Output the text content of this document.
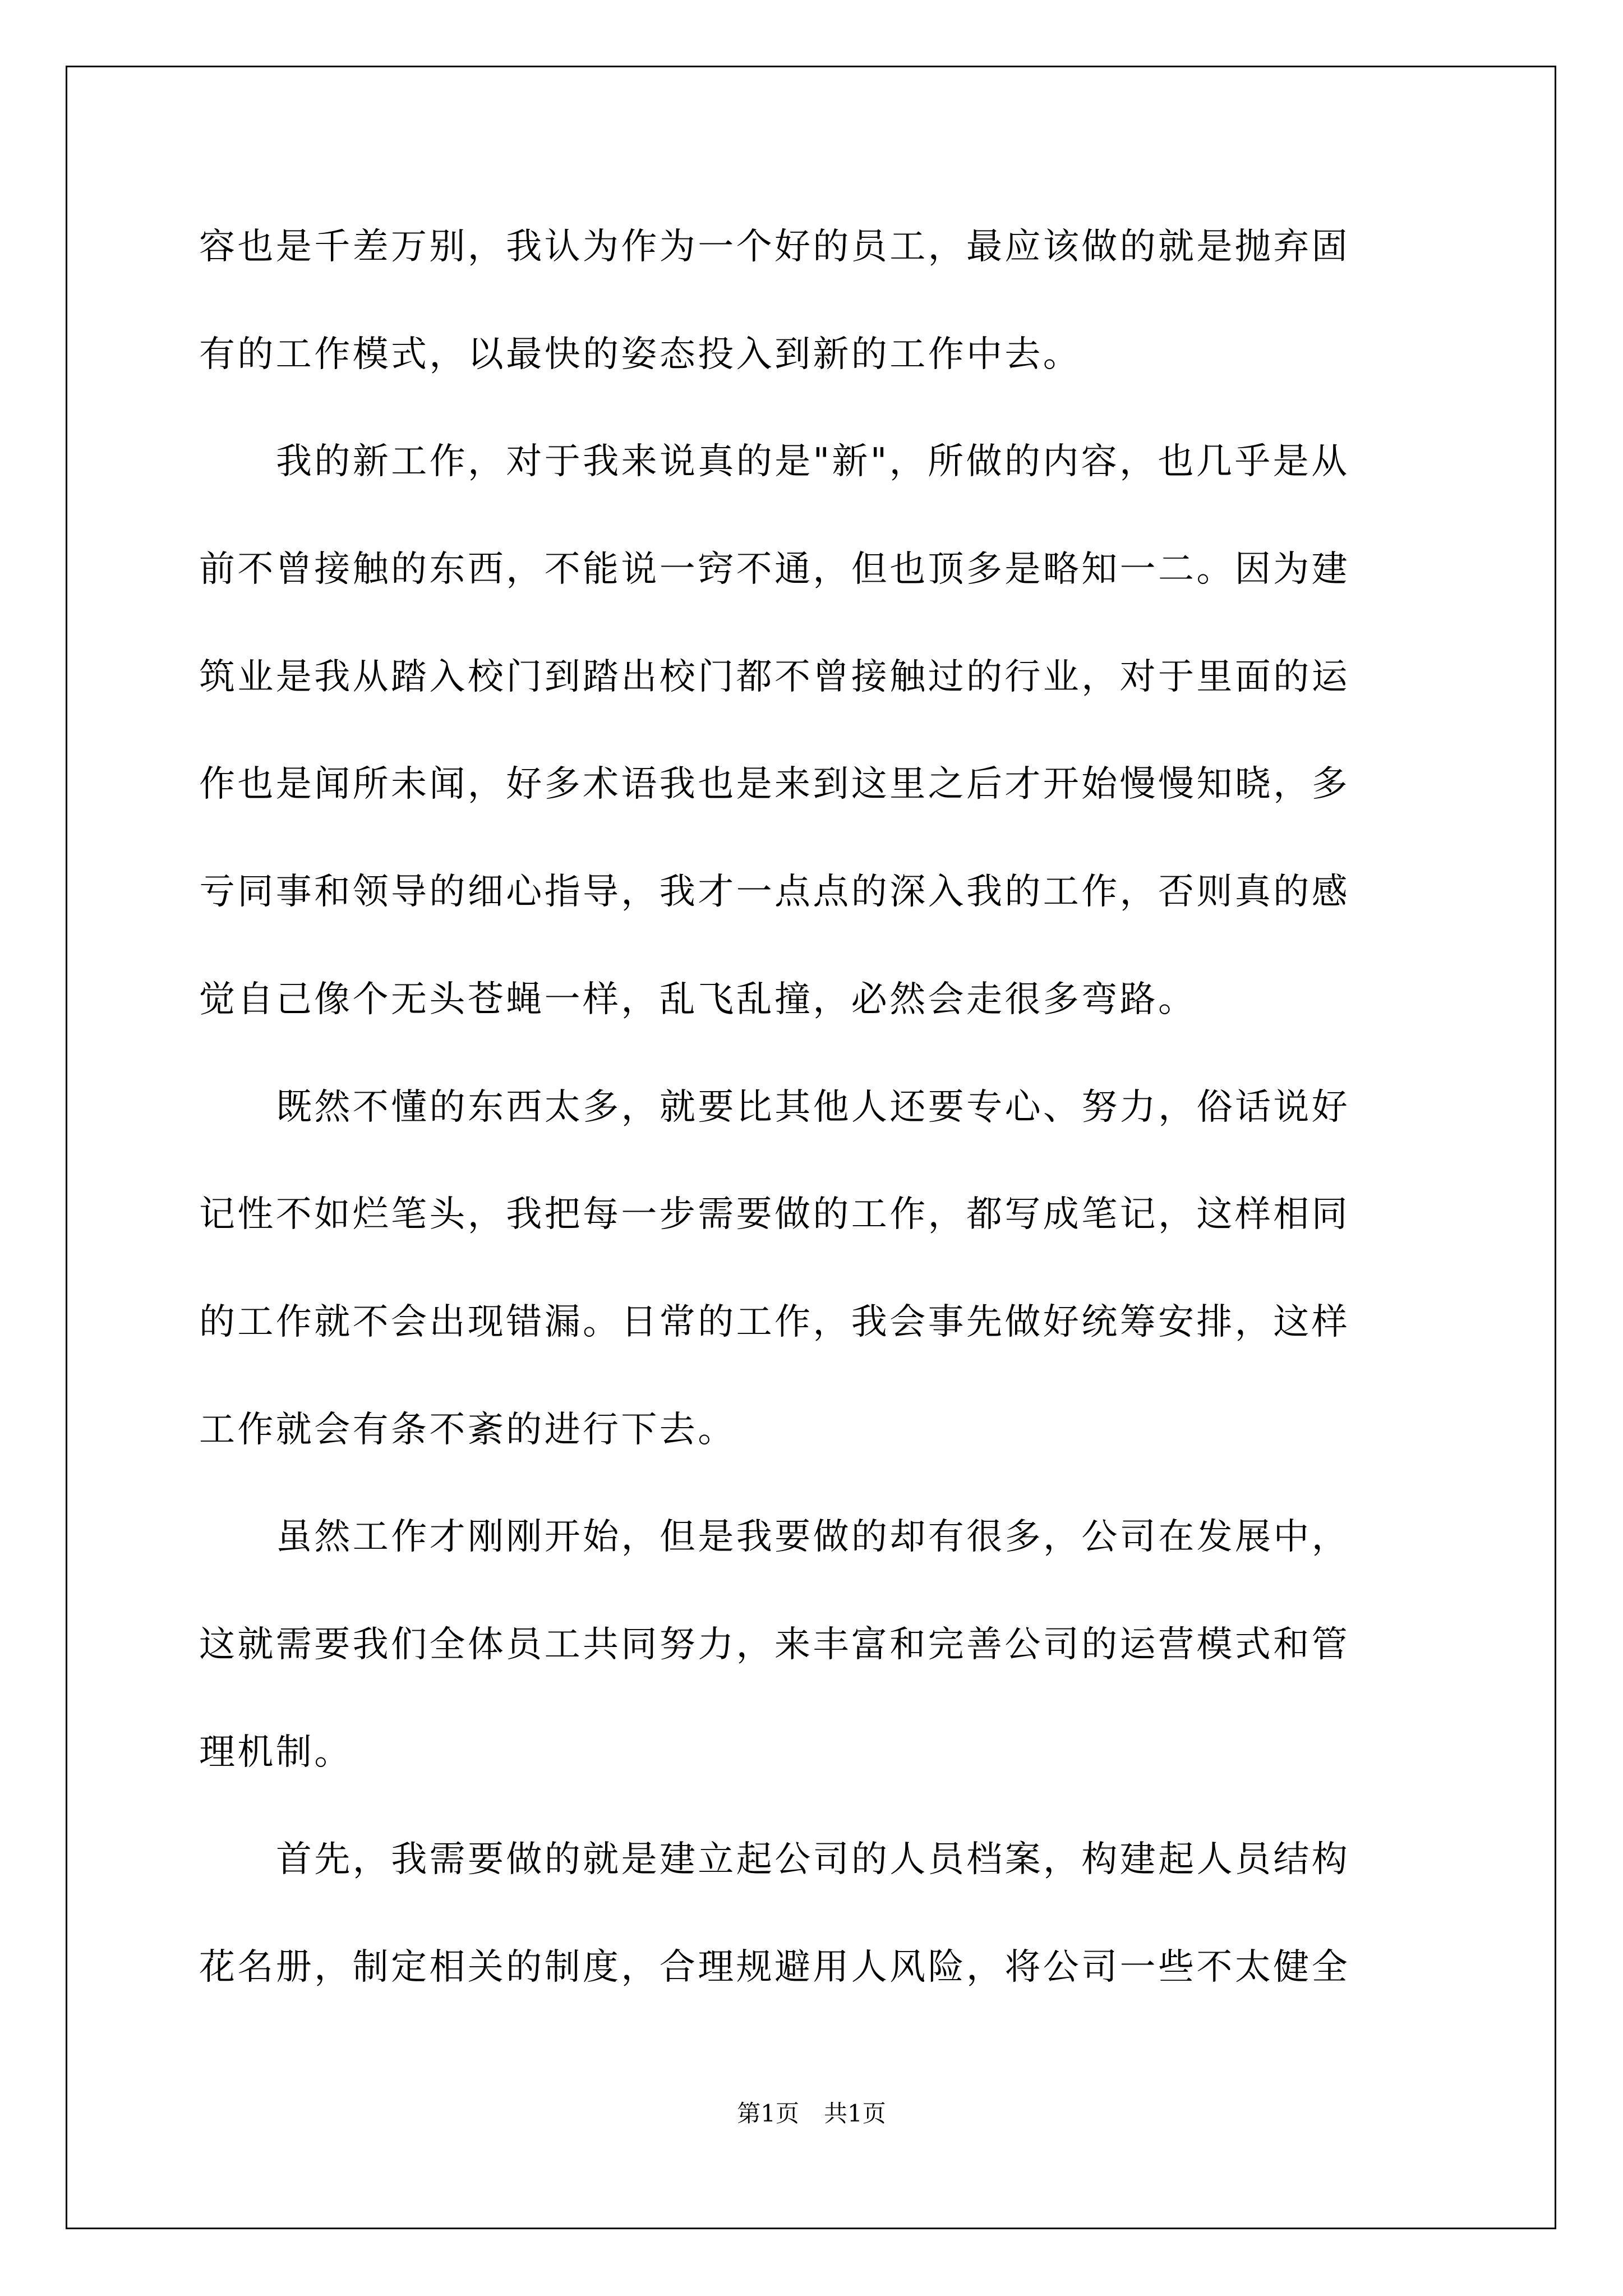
容也是千差万别，我认为作为一个好的员工，最应该做的就是抛弃固
有的工作模式，以最快的姿态投入到新的工作中去。
我的新工作，对于我来说真的是"新"，所做的内容，也几乎是从
前不曾接触的东西，不能说一窍不通，但也顶多是略知一二。因为建
筑业是我从踏入校门到踏出校门都不曾接触过的行业，对于里面的运
作也是闻所未闻，好多术语我也是来到这里之后才开始慢慢知晓，多
亏同事和领导的细心指导，我才一点点的深入我的工作，否则真的感
觉自己像个无头苍蝇一样，乱飞乱撞，必然会走很多弯路。
既然不懂的东西太多，就要比其他人还要专心、努力，俗话说好
记性不如烂笔头，我把每一步需要做的工作，都写成笔记，这样相同
的工作就不会出现错漏。日常的工作，我会事先做好统筹安排，这样
工作就会有条不紊的进行下去。
虽然工作才刚刚开始，但是我要做的却有很多，公司在发展中，
这就需要我们全体员工共同努力，来丰富和完善公司的运营模式和管
理机制。
首先，我需要做的就是建立起公司的人员档案，构建起人员结构
花名册，制定相关的制度，合理规避用人风险，将公司一些不太健全
第1页 共1页
